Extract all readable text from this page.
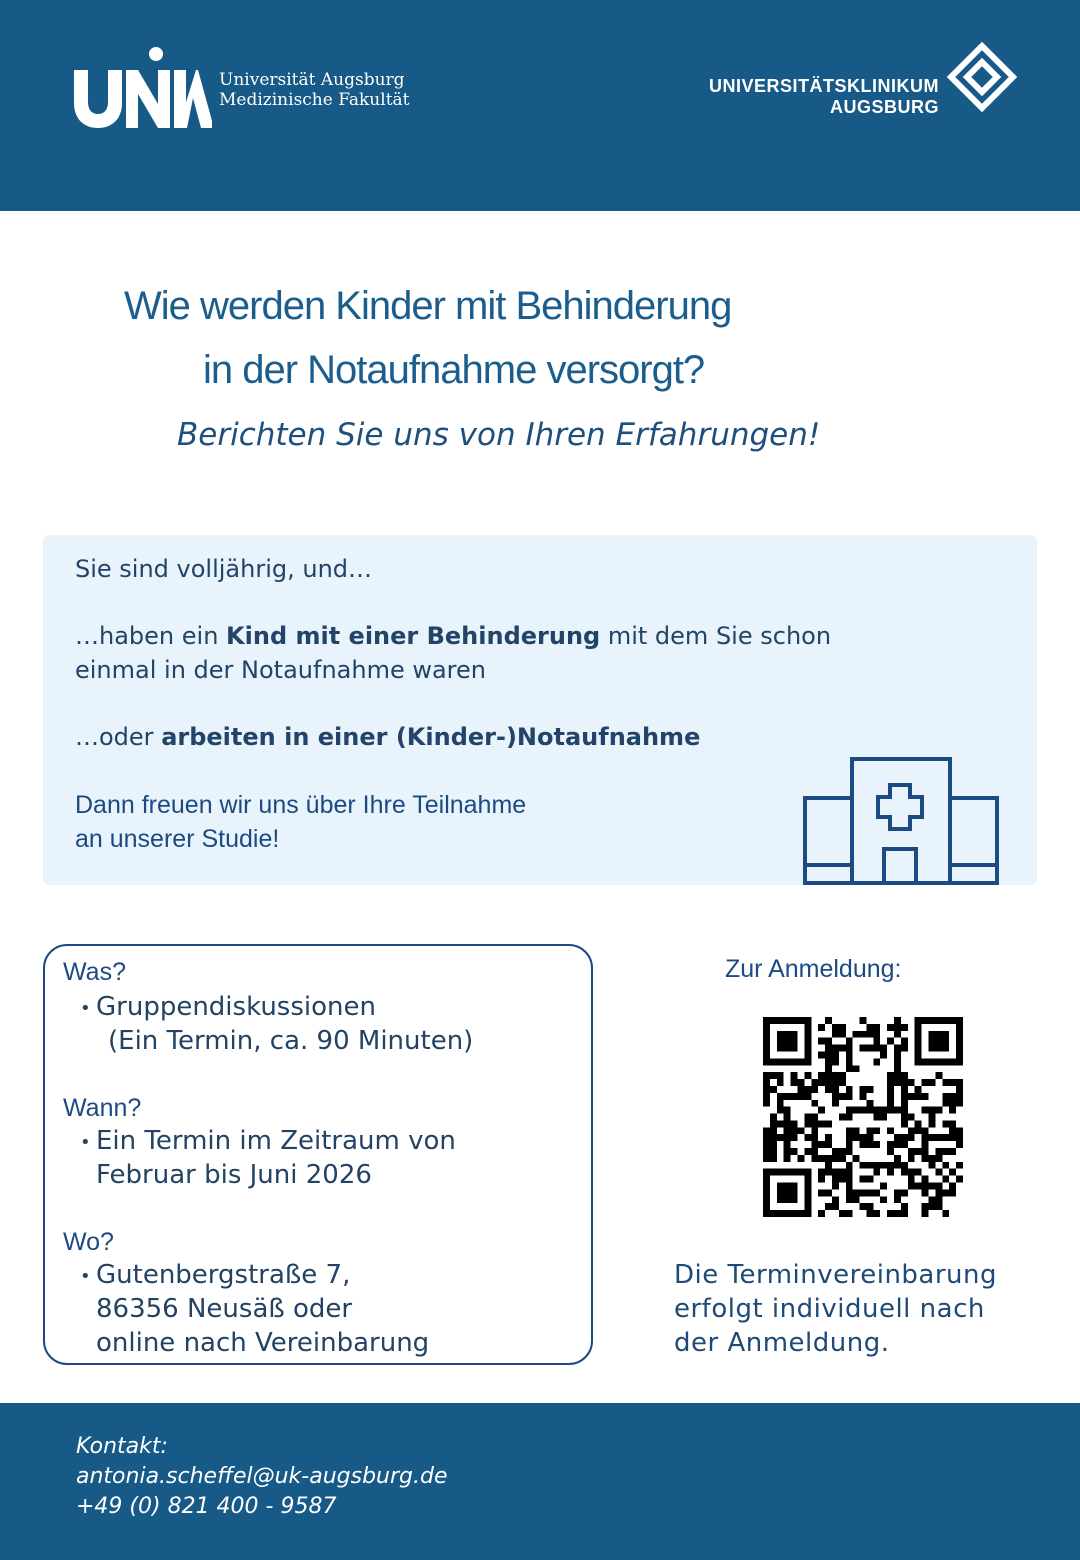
Universität Augsburg
Medizinische Fakultät
UNIVERSITÄTSKLINIKUM
AUGSBURG
Wie werden Kinder mit Behinderung
in der Notaufnahme versorgt?
Berichten Sie uns von Ihren Erfahrungen!
Sie sind volljährig, und…
…haben ein Kind mit einer Behinderung mit dem Sie schon
einmal in der Notaufnahme waren
…oder arbeiten in einer (Kinder-)Notaufnahme
Dann freuen wir uns über Ihre Teilnahme
an unserer Studie!
Was?
• Gruppendiskussionen
(Ein Termin, ca. 90 Minuten)
Wann?
• Ein Termin im Zeitraum von
Februar bis Juni 2026
Wo?
• Gutenbergstraße 7,
86356 Neusäß oder
online nach Vereinbarung
Zur Anmeldung:
Die Terminvereinbarung
erfolgt individuell nach
der Anmeldung.
Kontakt:
antonia.scheffel@uk-augsburg.de
+49 (0) 821 400 - 9587
